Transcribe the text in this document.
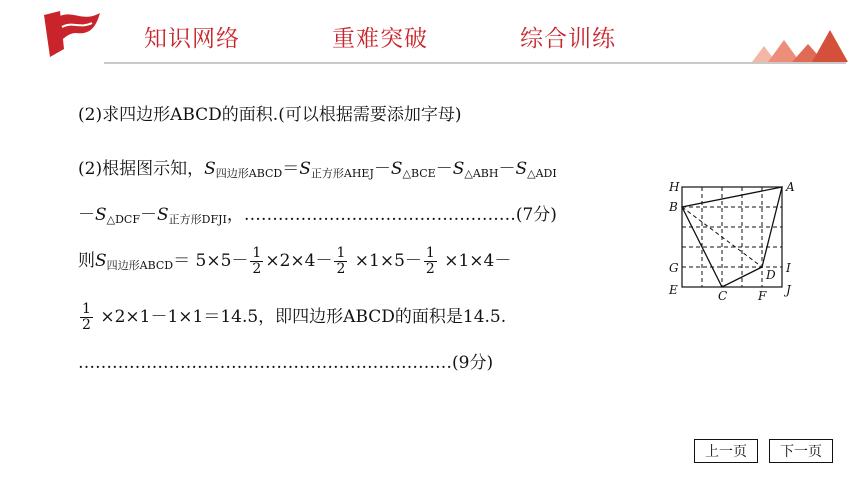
知识网络	重难突破	综合训练
(2)求四边形ABCD的面积.(可以根据需要添加字母)
(2)根据图示知，$S_{四边形ABCD}=S_{正方形AHEJ}-S_{\triangle BCE}-S_{\triangle ABH}-S_{\triangle ADI}$
$-S_{\triangle DCF}-S_{正方形DFJI}$，…………………………………………(7分)
则$S_{四边形ABCD}= 5\times 5- \frac{1}{2} \times 2\times 4- \frac{1}{2} \times 1\times 5- \frac{1}{2} \times 1\times 4-$
$\frac{1}{2} \times 2\times 1-1\times 1=14.5$，即四边形ABCD的面积是14.5.
…………………………………………………………(9分)
H	A
B
G	D I
E	C	F J
上一页	下一页
